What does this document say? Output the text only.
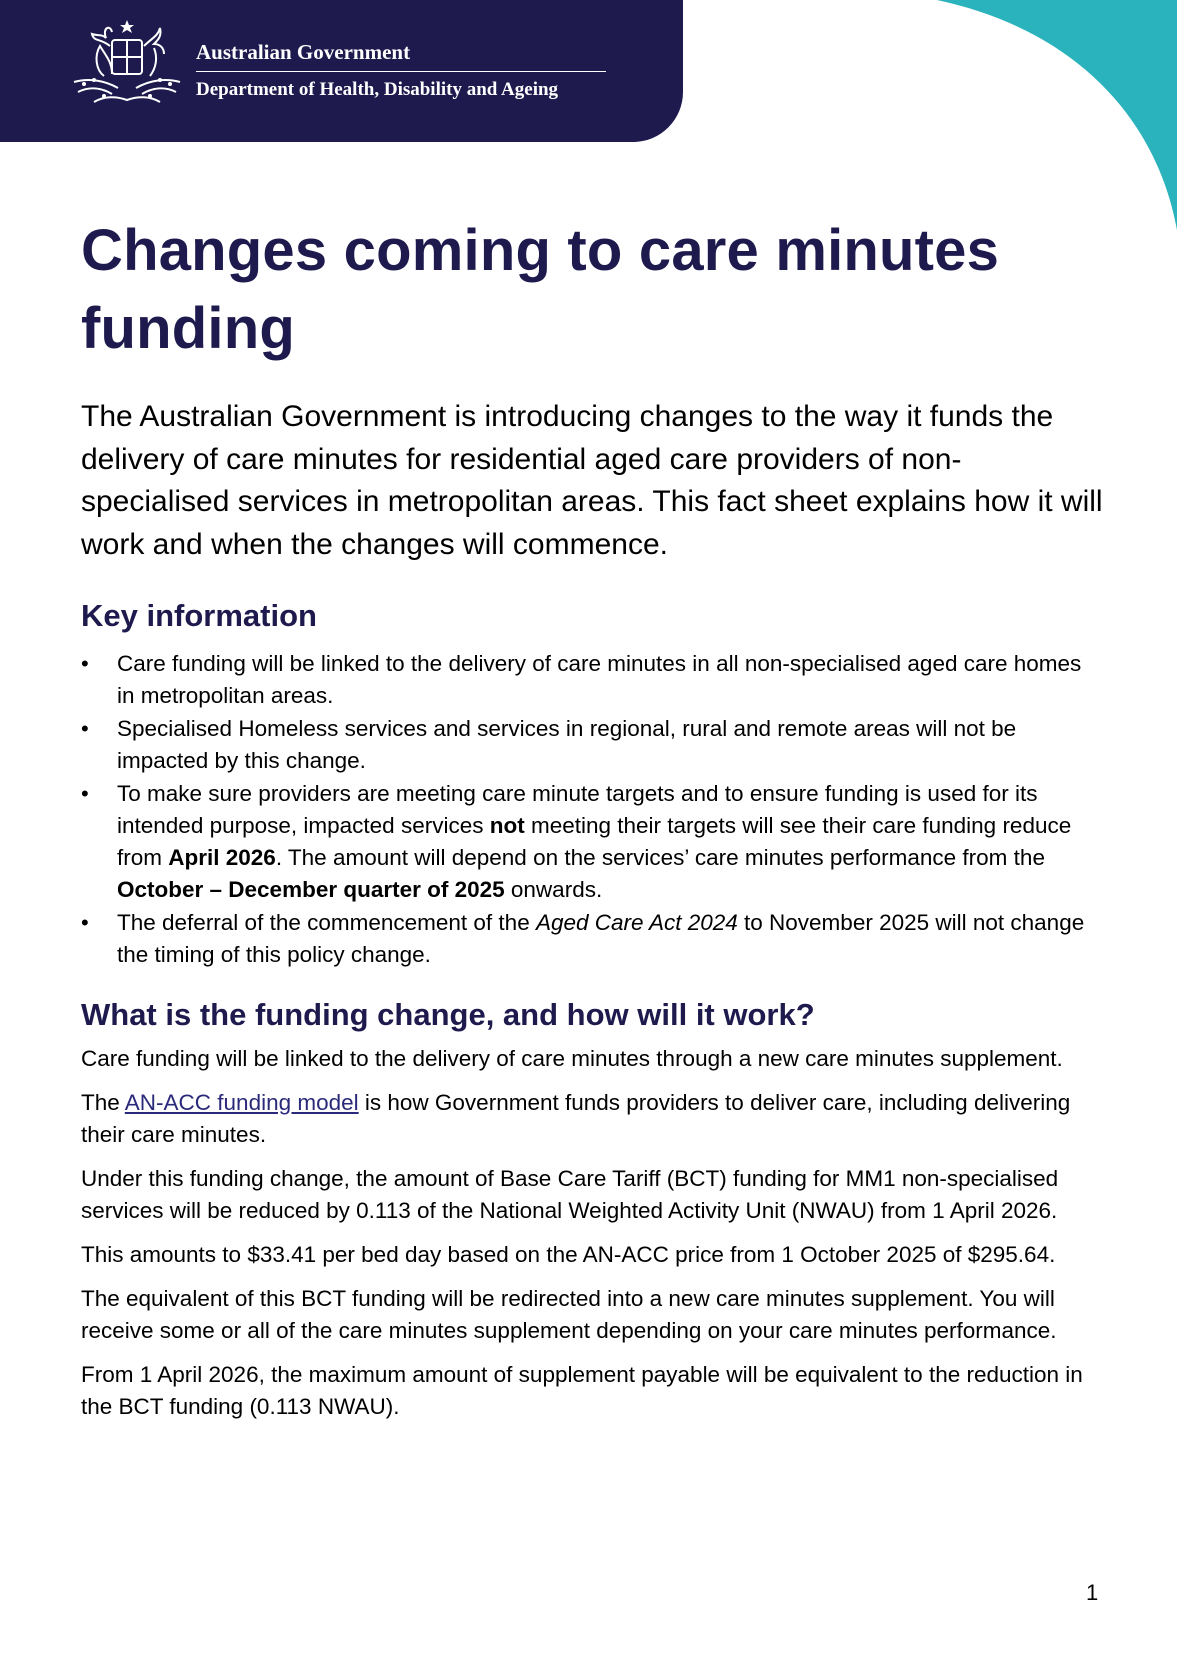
Australian Government
Department of Health, Disability and Ageing
Changes coming to care minutes funding

The Australian Government is introducing changes to the way it funds the delivery of care minutes for residential aged care providers of non-specialised services in metropolitan areas. This fact sheet explains how it will work and when the changes will commence.

Key information
• Care funding will be linked to the delivery of care minutes in all non-specialised aged care homes in metropolitan areas.
• Specialised Homeless services and services in regional, rural and remote areas will not be impacted by this change.
• To make sure providers are meeting care minute targets and to ensure funding is used for its intended purpose, impacted services not meeting their targets will see their care funding reduce from April 2026. The amount will depend on the services’ care minutes performance from the October – December quarter of 2025 onwards.
• The deferral of the commencement of the Aged Care Act 2024 to November 2025 will not change the timing of this policy change.
What is the funding change, and how will it work?

Care funding will be linked to the delivery of care minutes through a new care minutes supplement.

The AN-ACC funding model is how Government funds providers to deliver care, including delivering their care minutes.

Under this funding change, the amount of Base Care Tariff (BCT) funding for MM1 non-specialised services will be reduced by 0.113 of the National Weighted Activity Unit (NWAU) from 1 April 2026.

This amounts to $33.41 per bed day based on the AN-ACC price from 1 October 2025 of $295.64.

The equivalent of this BCT funding will be redirected into a new care minutes supplement. You will receive some or all of the care minutes supplement depending on your care minutes performance.

From 1 April 2026, the maximum amount of supplement payable will be equivalent to the reduction in the BCT funding (0.113 NWAU).

1
